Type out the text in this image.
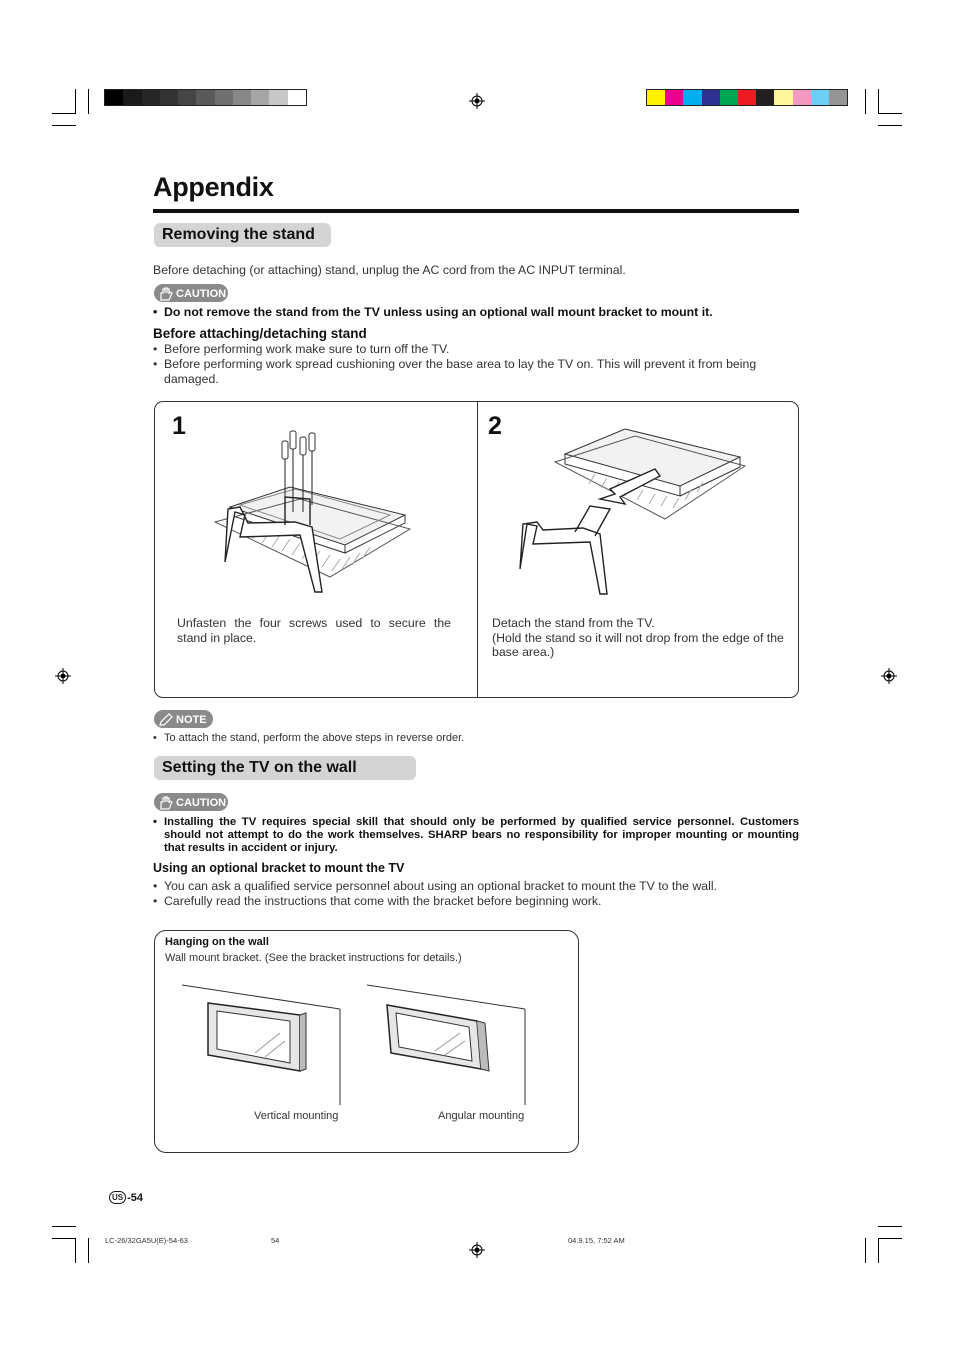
Appendix
Removing the stand
Before detaching (or attaching) stand, unplug the AC cord from the AC INPUT terminal.
CAUTION
• Do not remove the stand from the TV unless using an optional wall mount bracket to mount it.
Before attaching/detaching stand
• Before performing work make sure to turn off the TV.
• Before performing work spread cushioning over the base area to lay the TV on. This will prevent it from being damaged.
1	2
Unfasten the four screws used to secure the stand in place.
Detach the stand from the TV.
(Hold the stand so it will not drop from the edge of the base area.)
NOTE
• To attach the stand, perform the above steps in reverse order.
Setting the TV on the wall
CAUTION
• Installing the TV requires special skill that should only be performed by qualified service personnel. Customers should not attempt to do the work themselves. SHARP bears no responsibility for improper mounting or mounting that results in accident or injury.
Using an optional bracket to mount the TV
• You can ask a qualified service personnel about using an optional bracket to mount the TV to the wall.
• Carefully read the instructions that come with the bracket before beginning work.
Hanging on the wall
Wall mount bracket. (See the bracket instructions for details.)
Vertical mounting	Angular mounting
US -54
LC-26/32GA5U(E)-54-63	54	04.9.15, 7:52 AM
